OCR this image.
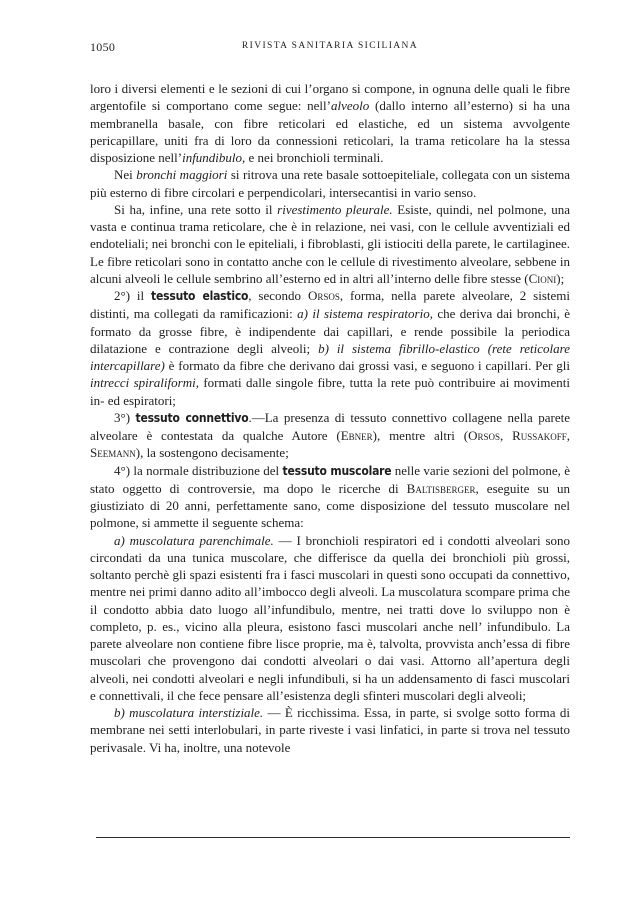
1050	RIVISTA SANITARIA SICILIANA

loro i diversi elementi e le sezioni di cui l’organo si compone, in ognuna delle quali le fibre argentofile si comportano come segue: nell’alveolo (dallo interno all’esterno) si ha una membranella basale, con fibre reticolari ed elastiche, ed un sistema avvolgente pericapillare, uniti fra di loro da connessioni reticolari, la trama reticolare ha la stessa disposizione nell’infundibulo, e nei bronchioli terminali.

Nei bronchi maggiori si ritrova una rete basale sottoepiteliale, collegata con un sistema più esterno di fibre circolari e perpendicolari, intersecantisi in vario senso.

Si ha, infine, una rete sotto il rivestimento pleurale. Esiste, quindi, nel polmone, una vasta e continua trama reticolare, che è in relazione, nei vasi, con le cellule avventiziali ed endoteliali; nei bronchi con le epiteliali, i fibroblasti, gli istiociti della parete, le cartilaginee. Le fibre reticolari sono in contatto anche con le cellule di rivestimento alveolare, sebbene in alcuni alveoli le cellule sembrino all’esterno ed in altri all’interno delle fibre stesse (Cioni);

2°) il tessuto elastico, secondo Orsos, forma, nella parete alveolare, 2 sistemi distinti, ma collegati da ramificazioni: a) il sistema respiratorio, che deriva dai bronchi, è formato da grosse fibre, è indipendente dai capillari, e rende possibile la periodica dilatazione e contrazione degli alveoli; b) il sistema fibrillo-elastico (rete reticolare intercapillare) è formato da fibre che derivano dai grossi vasi, e seguono i capillari. Per gli intrecci spiraliformi, formati dalle singole fibre, tutta la rete può contribuire ai movimenti in- ed espiratori;

3°) tessuto connettivo.—La presenza di tessuto connettivo collagene nella parete alveolare è contestata da qualche Autore (Ebner), mentre altri (Orsos, Russakoff, Seemann), la sostengono decisamente;

4°) la normale distribuzione del tessuto muscolare nelle varie sezioni del polmone, è stato oggetto di controversie, ma dopo le ricerche di Baltisberger, eseguite su un giustiziato di 20 anni, perfettamente sano, come disposizione del tessuto muscolare nel polmone, si ammette il seguente schema:

a) muscolatura parenchimale. — I bronchioli respiratori ed i condotti alveolari sono circondati da una tunica muscolare, che differisce da quella dei bronchioli più grossi, soltanto perchè gli spazi esistenti fra i fasci muscolari in questi sono occupati da connettivo, mentre nei primi danno adito all’imbocco degli alveoli. La muscolatura scompare prima che il condotto abbia dato luogo all’infundibulo, mentre, nei tratti dove lo sviluppo non è completo, p. es., vicino alla pleura, esistono fasci muscolari anche nell’ infundibulo. La parete alveolare non contiene fibre lisce proprie, ma è, talvolta, provvista anch’essa di fibre muscolari che provengono dai condotti alveolari o dai vasi. Attorno all’apertura degli alveoli, nei condotti alveolari e negli infundibuli, si ha un addensamento di fasci muscolari e connettivali, il che fece pensare all’esistenza degli sfinteri muscolari degli alveoli;

b) muscolatura interstiziale. — È ricchissima. Essa, in parte, si svolge sotto forma di membrane nei setti interlobulari, in parte riveste i vasi linfatici, in parte si trova nel tessuto perivasale. Vi ha, inoltre, una notevole
